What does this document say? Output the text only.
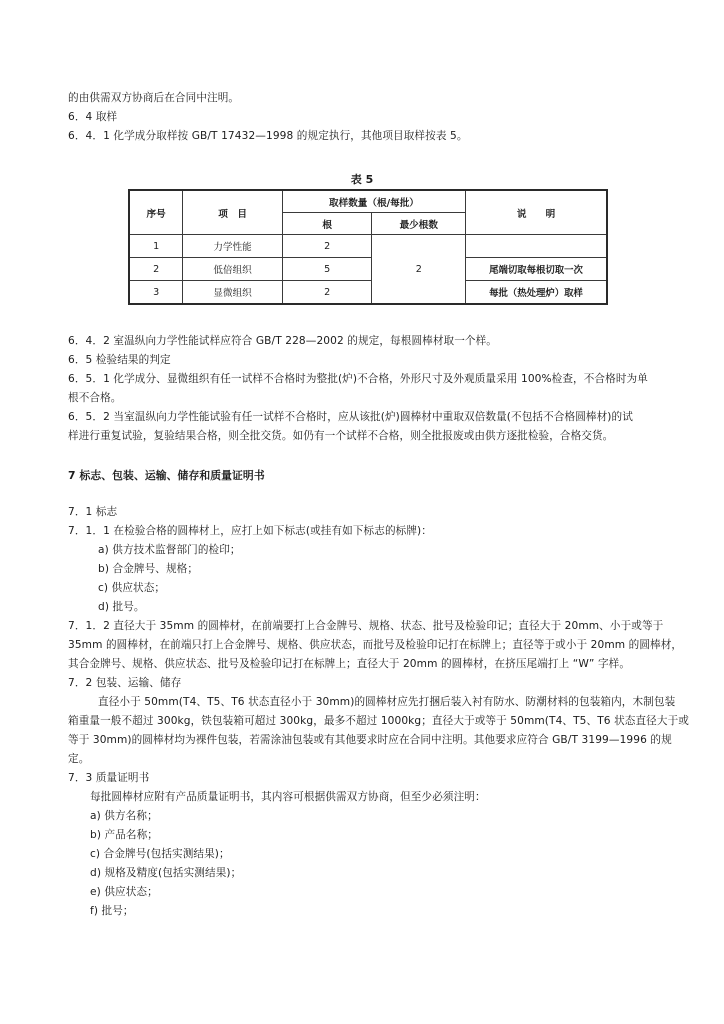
的由供需双方协商后在合同中注明。
6．4 取样
6．4．1 化学成分取样按 GB/T 17432—1998 的规定执行，其他项目取样按表 5。
表 5
序号	项　目	取样数量（根/每批）		说　　明
		根	最少根数	
1	力学性能	2	2	
2	低倍组织	5		尾端切取每根切取一次
3	显微组织	2		每批（热处理炉）取样
6．4．2 室温纵向力学性能试样应符合 GB/T 228—2002 的规定，每根圆棒材取一个样。
6．5 检验结果的判定
6．5．1 化学成分、显微组织有任一试样不合格时为整批(炉)不合格，外形尺寸及外观质量采用 100%检查，不合格时为单
根不合格。
6．5．2 当室温纵向力学性能试验有任一试样不合格时，应从该批(炉)圆棒材中重取双倍数量(不包括不合格圆棒材)的试
样进行重复试验，复验结果合格，则全批交货。如仍有一个试样不合格，则全批报废或由供方逐批检验，合格交货。
7 标志、包装、运输、储存和质量证明书
7．1 标志
7．1．1 在检验合格的圆棒材上，应打上如下标志(或挂有如下标志的标牌)：
a) 供方技术监督部门的检印；
b) 合金牌号、规格；
c) 供应状态；
d) 批号。
7．1．2 直径大于 35mm 的圆棒材，在前端要打上合金牌号、规格、状态、批号及检验印记；直径大于 20mm、小于或等于
35mm 的圆棒材，在前端只打上合金牌号、规格、供应状态，而批号及检验印记打在标牌上；直径等于或小于 20mm 的圆棒材，
其合金牌号、规格、供应状态、批号及检验印记打在标牌上；直径大于 20mm 的圆棒材，在挤压尾端打上 “W” 字样。
7．2 包装、运输、储存
直径小于 50mm(T4、T5、T6 状态直径小于 30mm)的圆棒材应先打捆后装入衬有防水、防潮材料的包装箱内，木制包装
箱重量一般不超过 300kg，铁包装箱可超过 300kg，最多不超过 1000kg；直径大于或等于 50mm(T4、T5、T6 状态直径大于或
等于 30mm)的圆棒材均为裸件包装，若需涂油包装或有其他要求时应在合同中注明。其他要求应符合 GB/T 3199—1996 的规
定。
7．3 质量证明书
每批圆棒材应附有产品质量证明书，其内容可根据供需双方协商，但至少必须注明：
a) 供方名称；
b) 产品名称；
c) 合金牌号(包括实测结果)；
d) 规格及精度(包括实测结果)；
e) 供应状态；
f) 批号；
